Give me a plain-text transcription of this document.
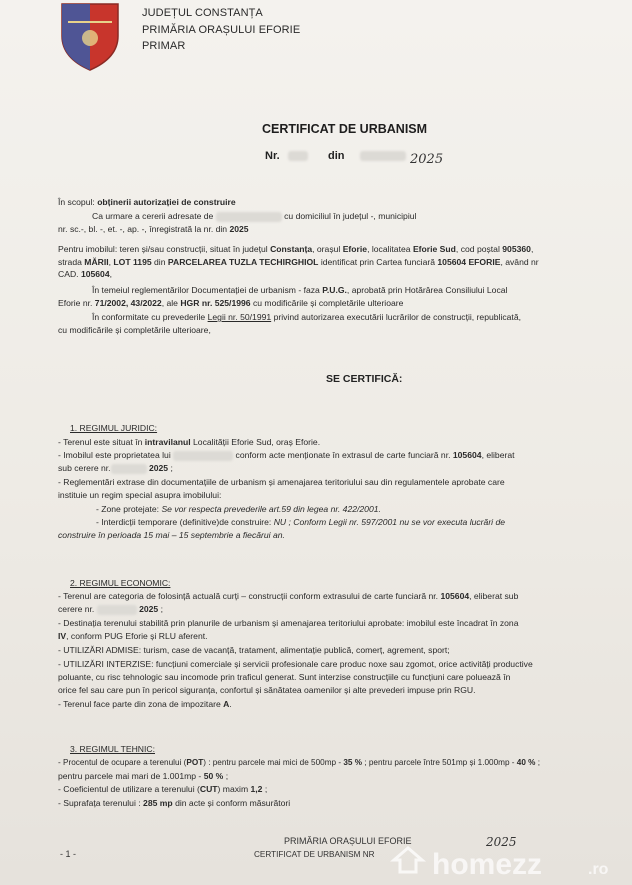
JUDEȚUL CONSTANȚA
PRIMĂRIA ORAȘULUI EFORIE
PRIMAR
CERTIFICAT DE URBANISM
Nr.	din	2025
În scopul: obținerii autorizației de construire
Ca urmare a cererii adresate de	cu domiciliul în județul -, municipiul
nr. sc.-, bl. -, et. -, ap. -, înregistrată la nr. din 2025
Pentru imobilul: teren și/sau construcții, situat în județul Constanța, orașul Eforie, localitatea Eforie Sud, cod poștal 905360,
strada MĂRII, LOT 1195 din PARCELAREA TUZLA TECHIRGHIOL identificat prin Cartea funciară 105604 EFORIE, având nr
CAD. 105604,
În temeiul reglementărilor Documentației de urbanism - faza P.U.G., aprobată prin Hotărârea Consiliului Local
Eforie nr. 71/2002, 43/2022, ale HGR nr. 525/1996 cu modificările și completările ulterioare
În conformitate cu prevederile Legii nr. 50/1991 privind autorizarea executării lucrărilor de construcții, republicată,
cu modificările și completările ulterioare,
SE CERTIFICĂ:
1. REGIMUL JURIDIC:
- Terenul este situat în intravilanul Localității Eforie Sud, oraș Eforie.
- Imobilul este proprietatea lui	conform acte menționate în extrasul de carte funciară nr. 105604, eliberat
sub cerere nr.	2025 ;
- Reglementări extrase din documentațiile de urbanism și amenajarea teritoriului sau din regulamentele aprobate care
instituie un regim special asupra imobilului:
- Zone protejate: Se vor respecta prevederile art.59 din legea nr. 422/2001.
- Interdicții temporare (definitive)de construire: NU ; Conform Legii nr. 597/2001 nu se vor executa lucrări de
construire în perioada 15 mai – 15 septembrie a fiecărui an.
2. REGIMUL ECONOMIC:
- Terenul are categoria de folosință actuală curți – construcții conform extrasului de carte funciară nr. 105604, eliberat sub
cerere nr.	2025 ;
- Destinația terenului stabilită prin planurile de urbanism și amenajarea teritoriului aprobate: imobilul este încadrat în zona
IV, conform PUG Eforie și RLU aferent.
- UTILIZĂRI ADMISE: turism, case de vacanță, tratament, alimentație publică, comerț, agrement, sport;
- UTILIZĂRI INTERZISE: funcțiuni comerciale și servicii profesionale care produc noxe sau zgomot, orice activități productive
poluante, cu risc tehnologic sau incomode prin traficul generat. Sunt interzise construcțiile cu funcțiuni care poluează în
orice fel sau care pun în pericol siguranța, confortul și sănătatea oamenilor și alte prevederi impuse prin RGU.
- Terenul face parte din zona de impozitare A.
3. REGIMUL TEHNIC:
- Procentul de ocupare a terenului (POT) : pentru parcele mai mici de 500mp - 35 % ; pentru parcele între 501mp și 1.000mp - 40 % ;
pentru parcele mai mari de 1.001mp - 50 % ;
- Coeficientul de utilizare a terenului (CUT) maxim 1,2 ;
- Suprafața terenului : 285 mp din acte și conform măsurători
- 1 -
PRIMĂRIA ORAȘULUI EFORIE
CERTIFICAT DE URBANISM NR
2025
homezz	.ro
